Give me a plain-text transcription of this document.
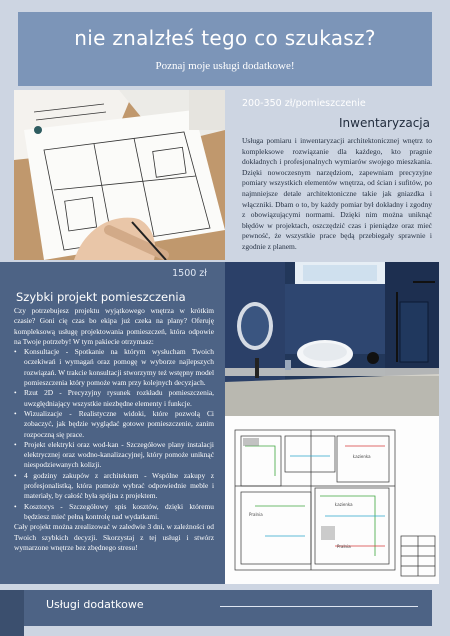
nie znalzłeś tego co szukasz?
Poznaj moje usługi dodatkowe!
200-350 zł/pomieszczenie
Inwentaryzacja
Usługa pomiaru i inwentaryzacji architektonicznej wnętrz to kompleksowe rozwiązanie dla każdego, kto pragnie dokładnych i profesjonalnych wymiarów swojego mieszkania. Dzięki nowoczesnym narzędziom, zapewniam precyzyjne pomiary wszystkich elementów wnętrza, od ścian i sufitów, po najmniejsze detale architektoniczne takie jak gniazdka i włączniki. Dbam o to, by każdy pomiar był dokładny i zgodny z obowiązującymi normami. Dzięki nim można uniknąć błędów w projektach, oszczędzić czas i pieniądze oraz mieć pewność, że wszystkie prace będą przebiegały sprawnie i zgodnie z planem.
1500 zł
Szybki projekt pomieszczenia

Czy potrzebujesz projektu wyjątkowego wnętrza w krótkim czasie? Goni cię czas bo ekipa już czeka na plany? Oferuję kompleksową usługę projektowania pomieszczeń, która odpowie na Twoje potrzeby! W tym pakiecie otrzymasz:

• Konsultacje - Spotkanie na którym wysłucham Twoich oczekiwań i wymagań oraz pomogę w wyborze najlepszych rozwiązań. W trakcie konsultacji stworzymy też wstępny model pomieszczenia który pomoże wam przy kolejnych decyzjach.
• Rzut 2D - Precyzyjny rysunek rozkładu pomieszczenia, uwzględniający wszystkie niezbędne elementy i funkcje.
• Wizualizacje - Realistyczne widoki, które pozwolą Ci zobaczyć, jak będzie wyglądać gotowe pomieszczenie, zanim rozpoczną się prace.
• Projekt elektryki oraz wod-kan - Szczegółowe plany instalacji elektrycznej oraz wodno-kanalizacyjnej, który pomoże uniknąć niespodziewanych kolizji.
• 4 godziny zakupów z architektem - Wspólne zakupy z profesjonalistką, która pomoże wybrać odpowiednie meble i materiały, by całość była spójna z projektem.
• Kosztorys - Szczegółowy spis kosztów, dzięki któremu będziesz mieć pełną kontrolę nad wydatkami.

Cały projekt można zrealizować w zaledwie 3 dni, w zależności od Twoich szybkich decyzji. Skorzystaj z tej usługi i stwórz wymarzone wnętrze bez zbędnego stresu!

Łazienka
Łazienka
Pralnia
Pralnia
Usługi dodatkowe
